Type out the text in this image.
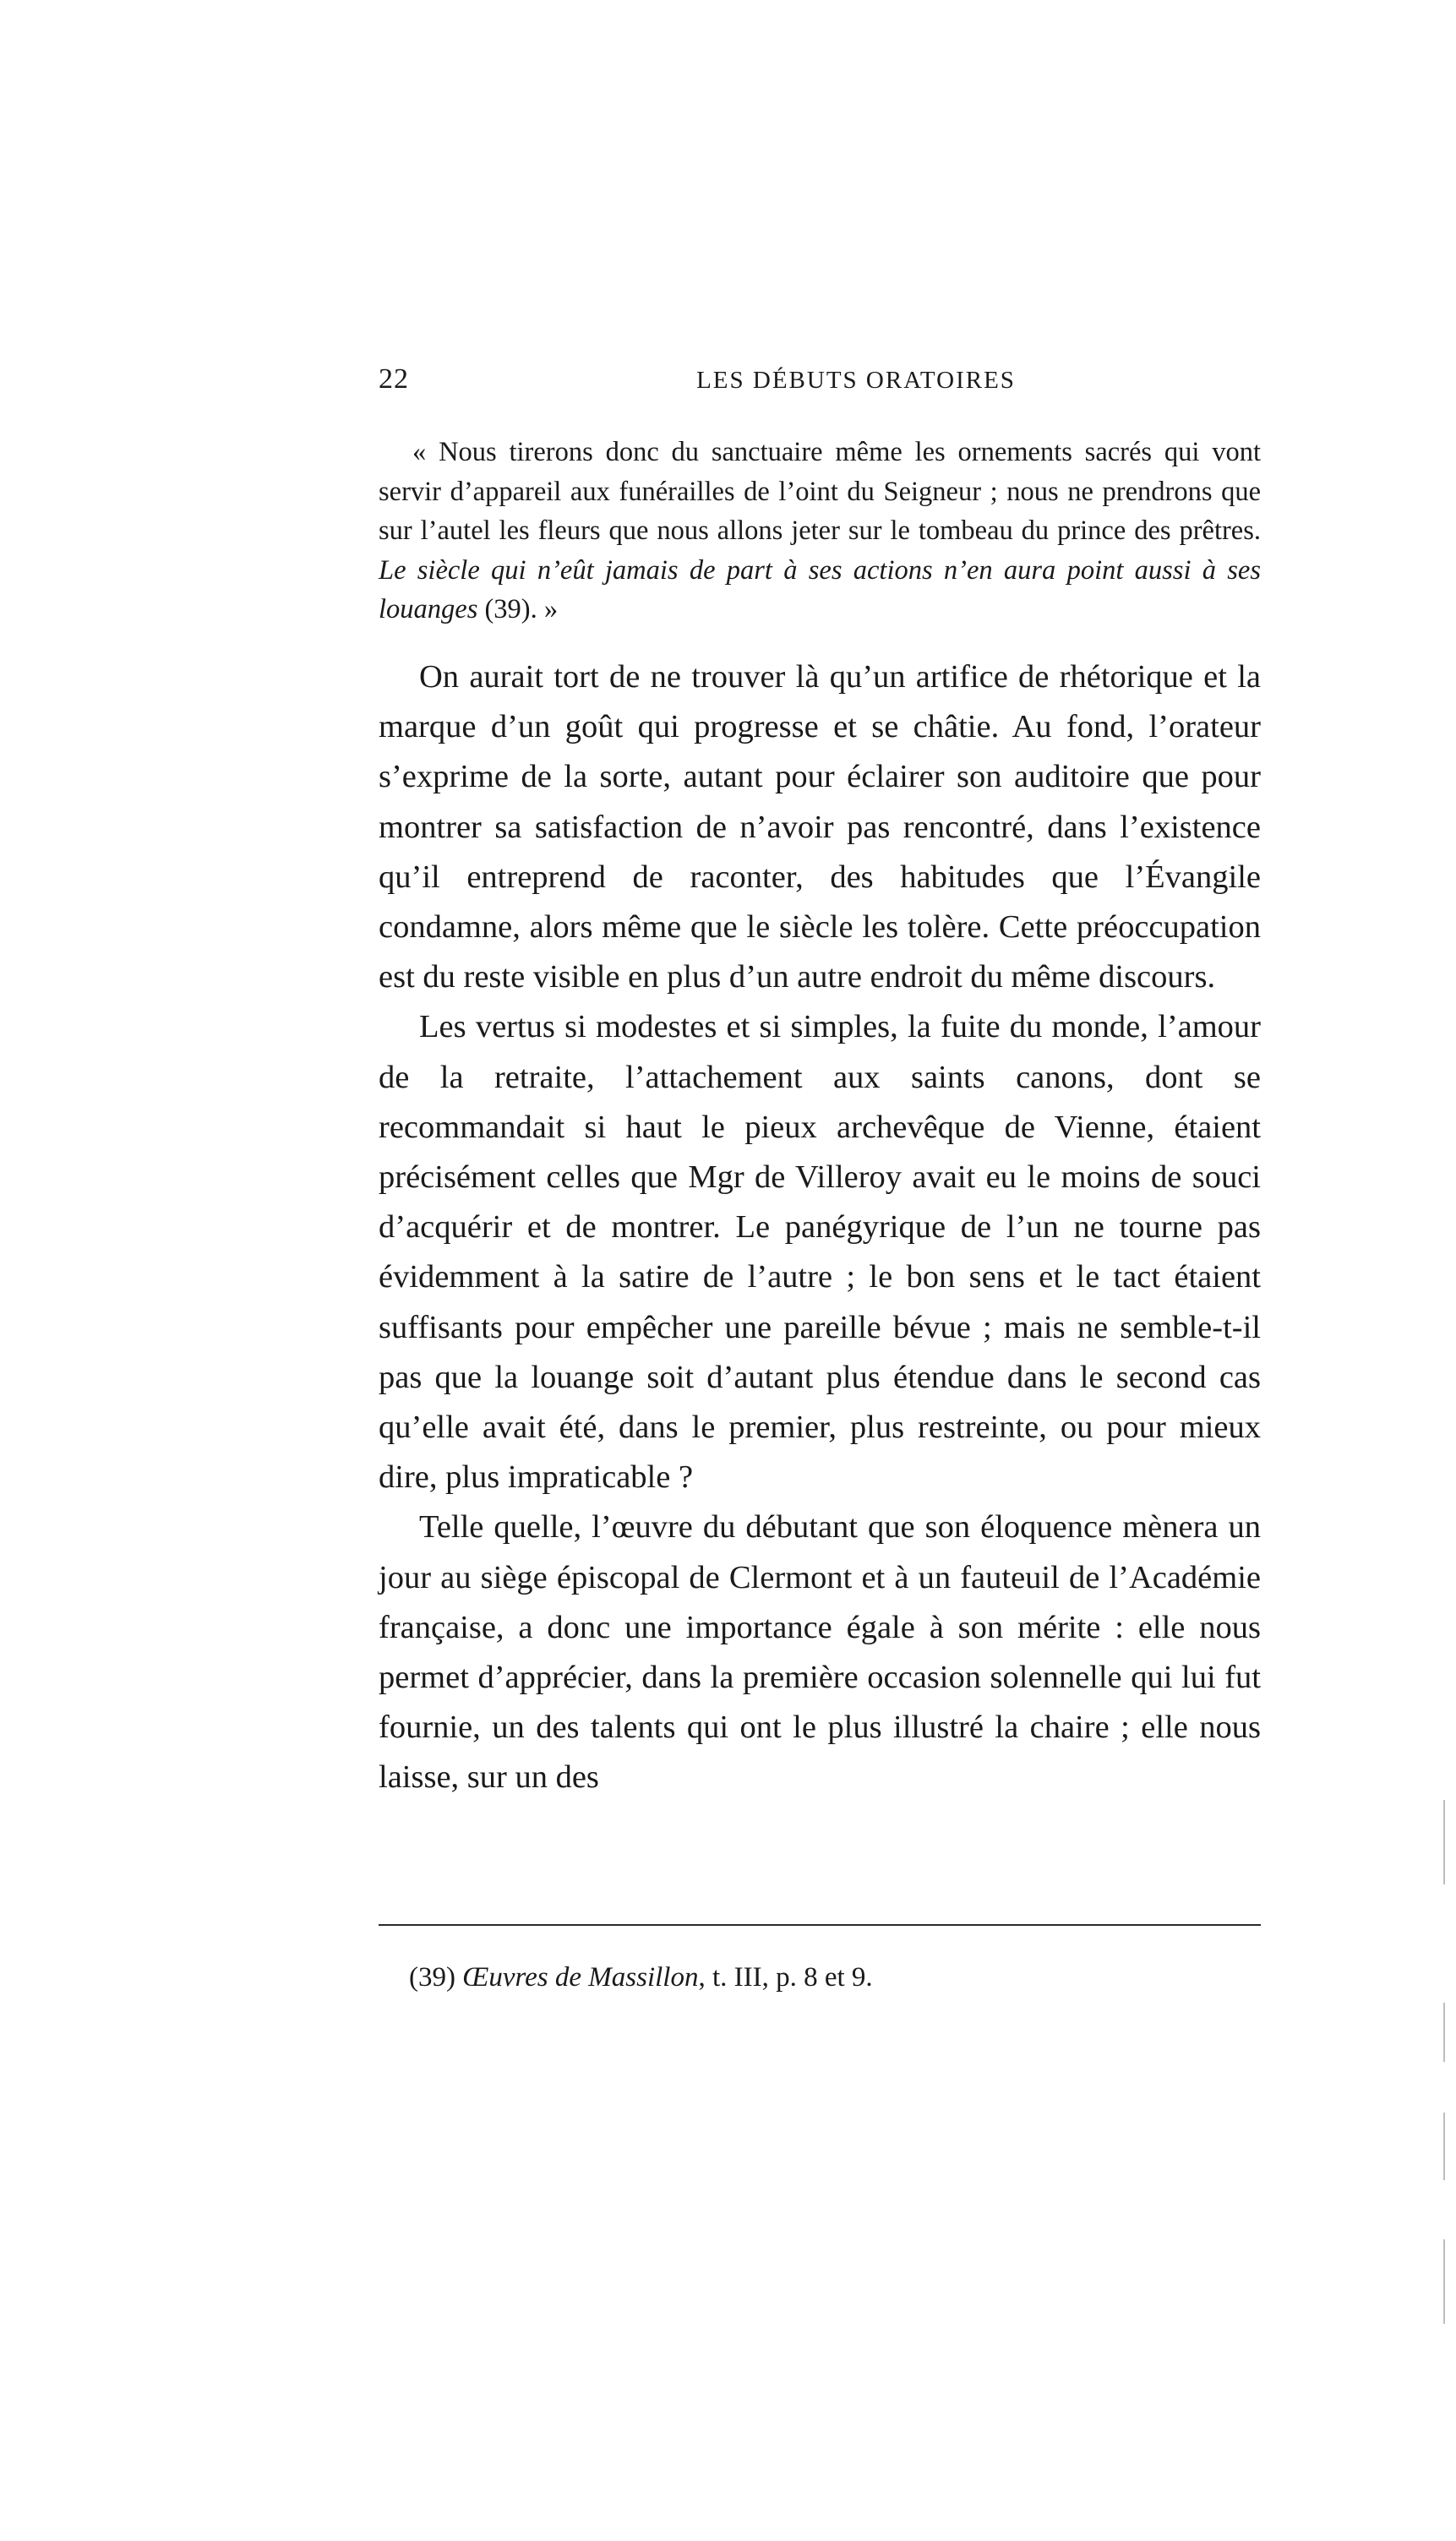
22	LES DÉBUTS ORATOIRES

« Nous tirerons donc du sanctuaire même les ornements sacrés qui vont servir d’appareil aux funérailles de l’oint du Seigneur ; nous ne prendrons que sur l’autel les fleurs que nous allons jeter sur le tombeau du prince des prêtres. Le siècle qui n’eût jamais de part à ses actions n’en aura point aussi à ses louanges (39). »

On aurait tort de ne trouver là qu’un artifice de rhétorique et la marque d’un goût qui progresse et se châtie. Au fond, l’orateur s’exprime de la sorte, autant pour éclairer son auditoire que pour montrer sa satisfaction de n’avoir pas rencontré, dans l’existence qu’il entreprend de raconter, des habitudes que l’Évangile condamne, alors même que le siècle les tolère. Cette préoccupation est du reste visible en plus d’un autre endroit du même discours.

Les vertus si modestes et si simples, la fuite du monde, l’amour de la retraite, l’attachement aux saints canons, dont se recommandait si haut le pieux archevêque de Vienne, étaient précisément celles que Mgr de Villeroy avait eu le moins de souci d’acquérir et de montrer. Le panégyrique de l’un ne tourne pas évidemment à la satire de l’autre ; le bon sens et le tact étaient suffisants pour empêcher une pareille bévue ; mais ne semble-t-il pas que la louange soit d’autant plus étendue dans le second cas qu’elle avait été, dans le premier, plus restreinte, ou pour mieux dire, plus impraticable ?

Telle quelle, l’œuvre du débutant que son éloquence mènera un jour au siège épiscopal de Clermont et à un fauteuil de l’Académie française, a donc une importance égale à son mérite : elle nous permet d’apprécier, dans la première occasion solennelle qui lui fut fournie, un des talents qui ont le plus illustré la chaire ; elle nous laisse, sur un des

(39) Œuvres de Massillon, t. III, p. 8 et 9.
